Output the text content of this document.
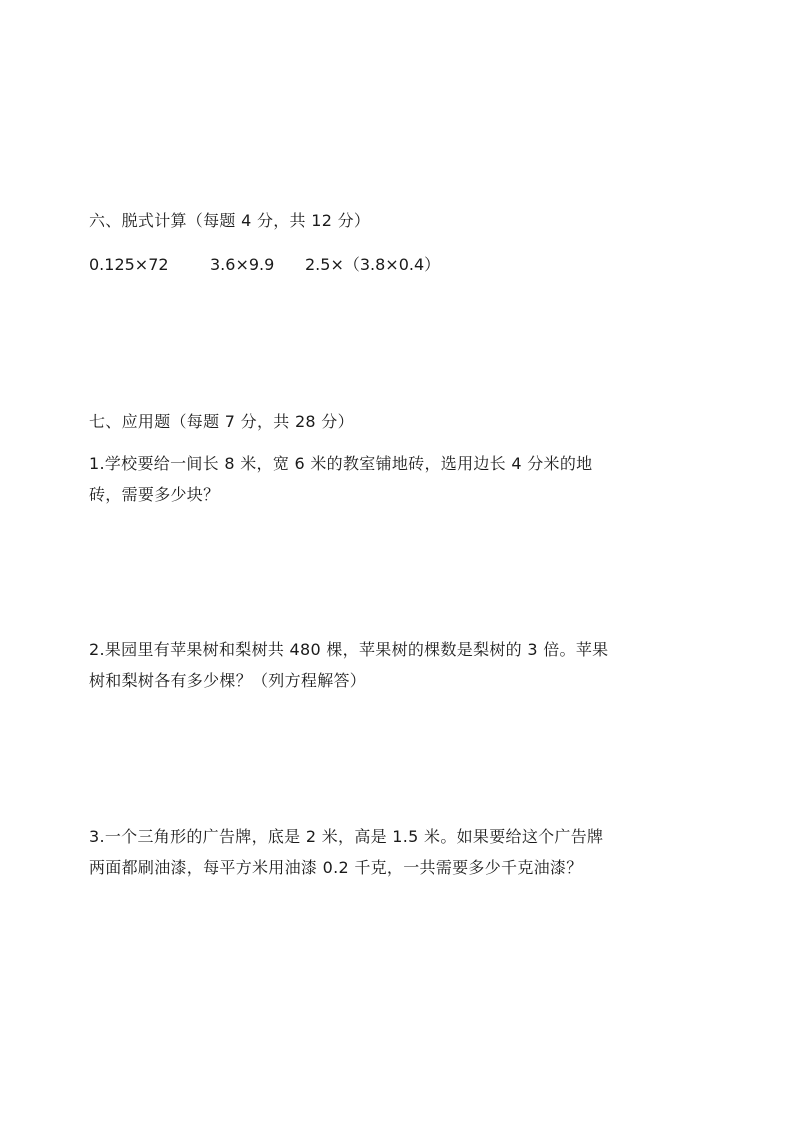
六、脱式计算（每题 4 分，共 12 分）
0.125×72	3.6×9.9 2.5×（3.8×0.4）
七、应用题（每题 7 分，共 28 分）
1.学校要给一间长 8 米，宽 6 米的教室铺地砖，选用边长 4 分米的地
砖，需要多少块？
2.果园里有苹果树和梨树共 480 棵，苹果树的棵数是梨树的 3 倍。苹果
树和梨树各有多少棵？（列方程解答）
3.一个三角形的广告牌，底是 2 米，高是 1.5 米。如果要给这个广告牌
两面都刷油漆，每平方米用油漆 0.2 千克，一共需要多少千克油漆？
